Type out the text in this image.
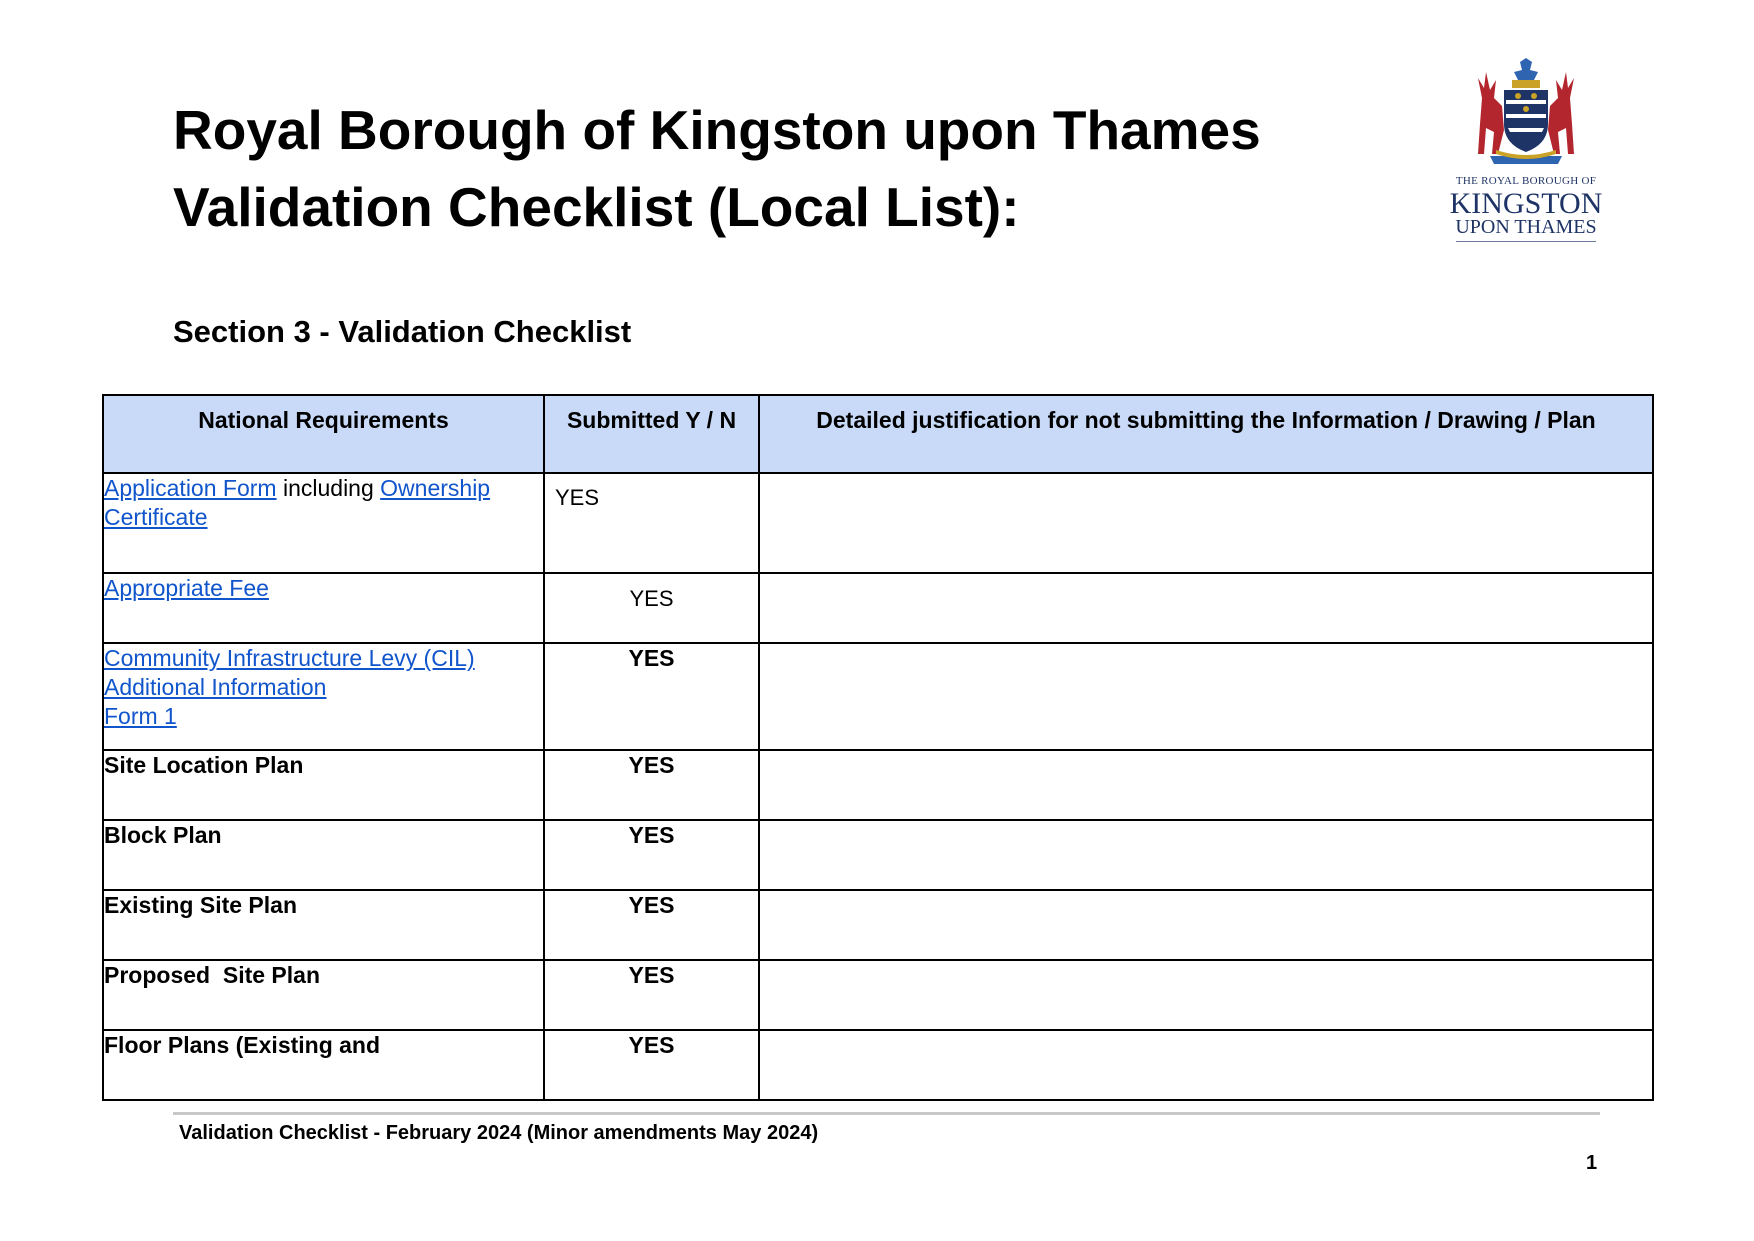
Royal Borough of Kingston upon Thames
Validation Checklist (Local List):	THE ROYAL BOROUGH OF
KINGSTON
UPON THAMES
Section 3 - Validation Checklist
National Requirements	Submitted Y / N	Detailed justification for not submitting the Information / Drawing / Plan
Application Form including Ownership
Certificate	YES	
Appropriate Fee	YES	

Community Infrastructure Levy (CIL)
Additional Information
Form 1	YES	
Site Location Plan	YES	
Block Plan	YES	
Existing Site Plan	YES	
Proposed  Site Plan	YES	
Floor Plans (Existing and	YES	
Validation Checklist - February 2024 (Minor amendments May 2024)
1
